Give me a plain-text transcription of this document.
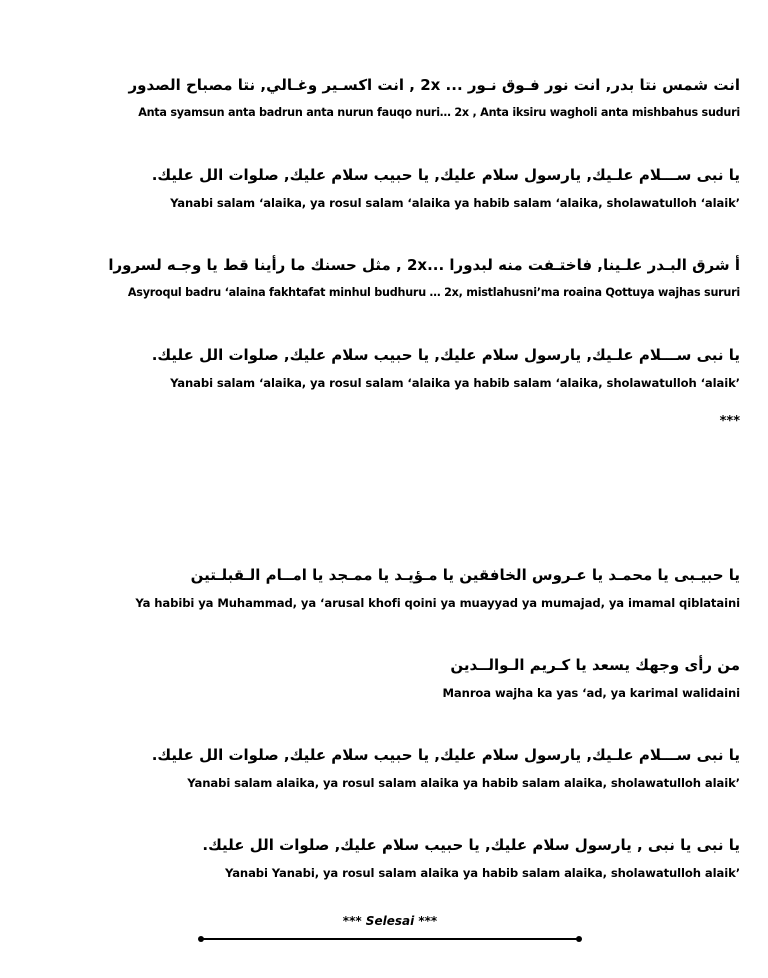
انت شمس نتا بدر, انت نور فـوق نـور ... 2x , انت اكسـير وغـالي, نتا مصباح الصدور
Anta syamsun anta badrun anta nurun fauqo nuri… 2x , Anta iksiru wagholi anta mishbahus suduri
يا نبى ســـلام علـيك, يارسول سلام عليك, يا حبيب سلام عليك, صلوات الل عليك.
Yanabi salam ‘alaika, ya rosul salam ‘alaika ya habib salam ‘alaika, sholawatulloh ‘alaik’
أ شرق البـدر علـينا, فاختـفت منه لبدورا ...2x , مثل حسنك ما رأينا قط يا وجـه لسرورا
Asyroqul badru ‘alaina fakhtafat minhul budhuru … 2x, mistlahusni’ma roaina Qottuya wajhas sururi
يا نبى ســـلام علـيك, يارسول سلام عليك, يا حبيب سلام عليك, صلوات الل عليك.
Yanabi salam ‘alaika, ya rosul salam ‘alaika ya habib salam ‘alaika, sholawatulloh ‘alaik’
***
يا حبيـبى يا محمـد يا عـروس الخافقين يا مـؤيـد يا ممـجد يا امــام الـقبلـتين
Ya habibi ya Muhammad, ya ‘arusal khofi qoini ya muayyad ya mumajad, ya imamal qiblataini
من رأى وجهك يسعد يا كـريم الـوالــدين
Manroa wajha ka yas ‘ad, ya karimal walidaini
يا نبى ســـلام علـيك, يارسول سلام عليك, يا حبيب سلام عليك, صلوات الل عليك.
Yanabi salam alaika, ya rosul salam alaika ya habib salam alaika, sholawatulloh alaik’
يا نبى يا نبى , يارسول سلام عليك, يا حبيب سلام عليك, صلوات الل عليك.
Yanabi Yanabi, ya rosul salam alaika ya habib salam alaika, sholawatulloh alaik’
*** Selesai ***
